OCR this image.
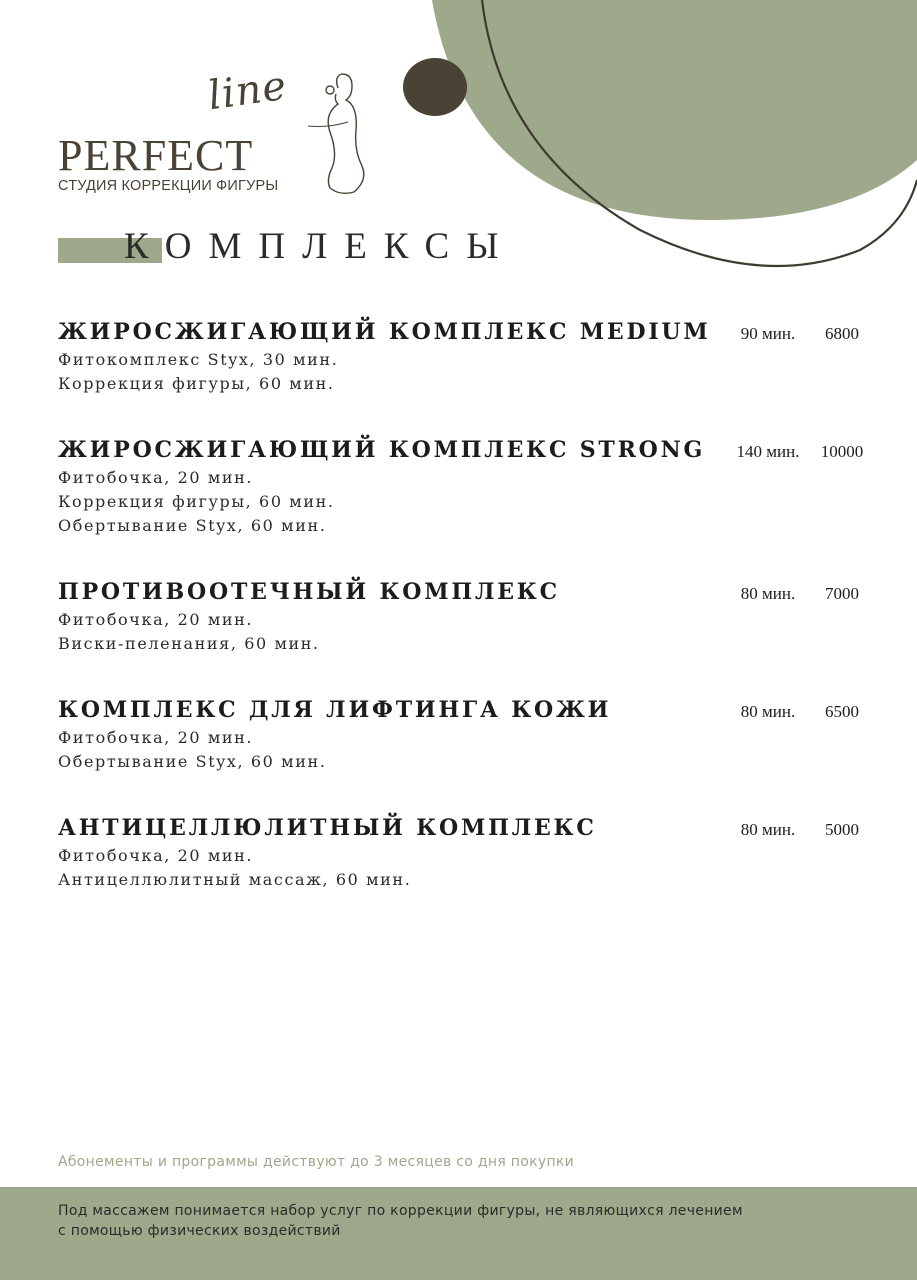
line
PERFECT
СТУДИЯ КОРРЕКЦИИ ФИГУРЫ
КОМПЛЕКСЫ
ЖИРОСЖИГАЮЩИЙ КОМПЛЕКС MEDIUM	90 мин.	6800
Фитокомплекс Styx, 30 мин.
Коррекция фигуры, 60 мин.
ЖИРОСЖИГАЮЩИЙ КОМПЛЕКС STRONG	140 мин.	10000
Фитобочка, 20 мин.
Коррекция фигуры, 60 мин.
Обертывание Styx, 60 мин.
ПРОТИВООТЕЧНЫЙ КОМПЛЕКС	80 мин.	7000
Фитобочка, 20 мин.
Виски-пеленания, 60 мин.
КОМПЛЕКС ДЛЯ ЛИФТИНГА КОЖИ	80 мин.	6500
Фитобочка, 20 мин.
Обертывание Styx, 60 мин.
АНТИЦЕЛЛЮЛИТНЫЙ КОМПЛЕКС	80 мин.	5000
Фитобочка, 20 мин.
Антицеллюлитный массаж, 60 мин.
Абонементы и программы действуют до 3 месяцев со дня покупки
Под массажем понимается набор услуг по коррекции фигуры, не являющихся лечением
с помощью физических воздействий
